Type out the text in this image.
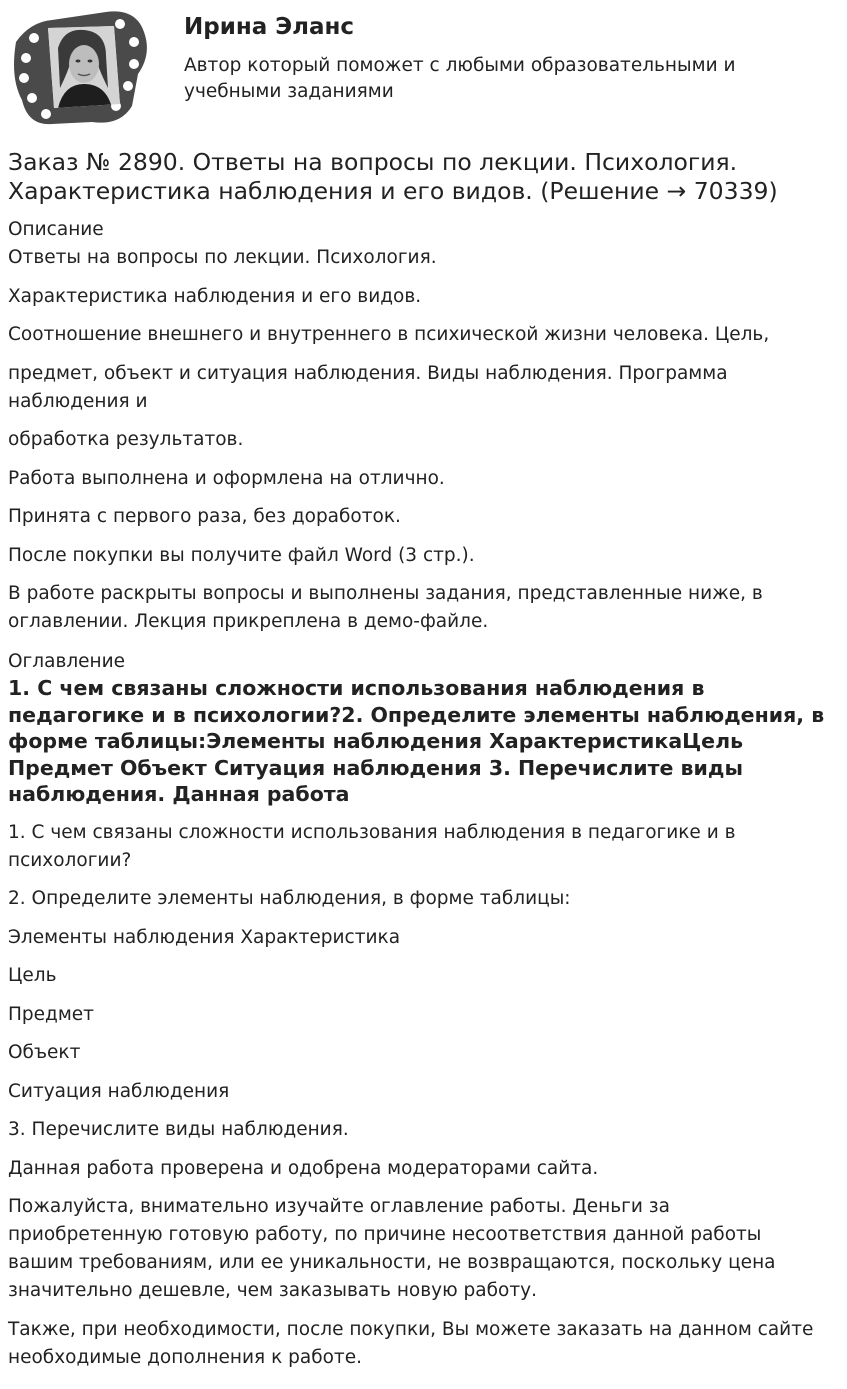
Ирина Эланс

Автор который поможет с любыми образовательными и учебными заданиями

Заказ № 2890. Ответы на вопросы по лекции. Психология.
Характеристика наблюдения и его видов. (Решение → 70339)
Описание

Ответы на вопросы по лекции. Психология.

Характеристика наблюдения и его видов.

Соотношение внешнего и внутреннего в психической жизни человека. Цель,

предмет, объект и ситуация наблюдения. Виды наблюдения. Программа наблюдения и

обработка результатов.

Работа выполнена и оформлена на отлично.

Принята с первого раза, без доработок.

После покупки вы получите файл Word (3 стр.).

В работе раскрыты вопросы и выполнены задания, представленные ниже, в оглавлении. Лекция прикреплена в демо-файле.

Оглавление
1. С чем связаны сложности использования наблюдения в педагогике и в психологии?2. Определите элементы наблюдения, в форме таблицы:Элементы наблюдения ХарактеристикаЦель Предмет Объект Ситуация наблюдения 3. Перечислите виды наблюдения. Данная работа

1. С чем связаны сложности использования наблюдения в педагогике и в психологии?

2. Определите элементы наблюдения, в форме таблицы:

Элементы наблюдения Характеристика

Цель

Предмет

Объект

Ситуация наблюдения

3. Перечислите виды наблюдения.

Данная работа проверена и одобрена модераторами сайта.

Пожалуйста, внимательно изучайте оглавление работы. Деньги за приобретенную готовую работу, по причине несоответствия данной работы вашим требованиям, или ее уникальности, не возвращаются, поскольку цена значительно дешевле, чем заказывать новую работу.

Также, при необходимости, после покупки, Вы можете заказать на данном сайте необходимые дополнения к работе.
